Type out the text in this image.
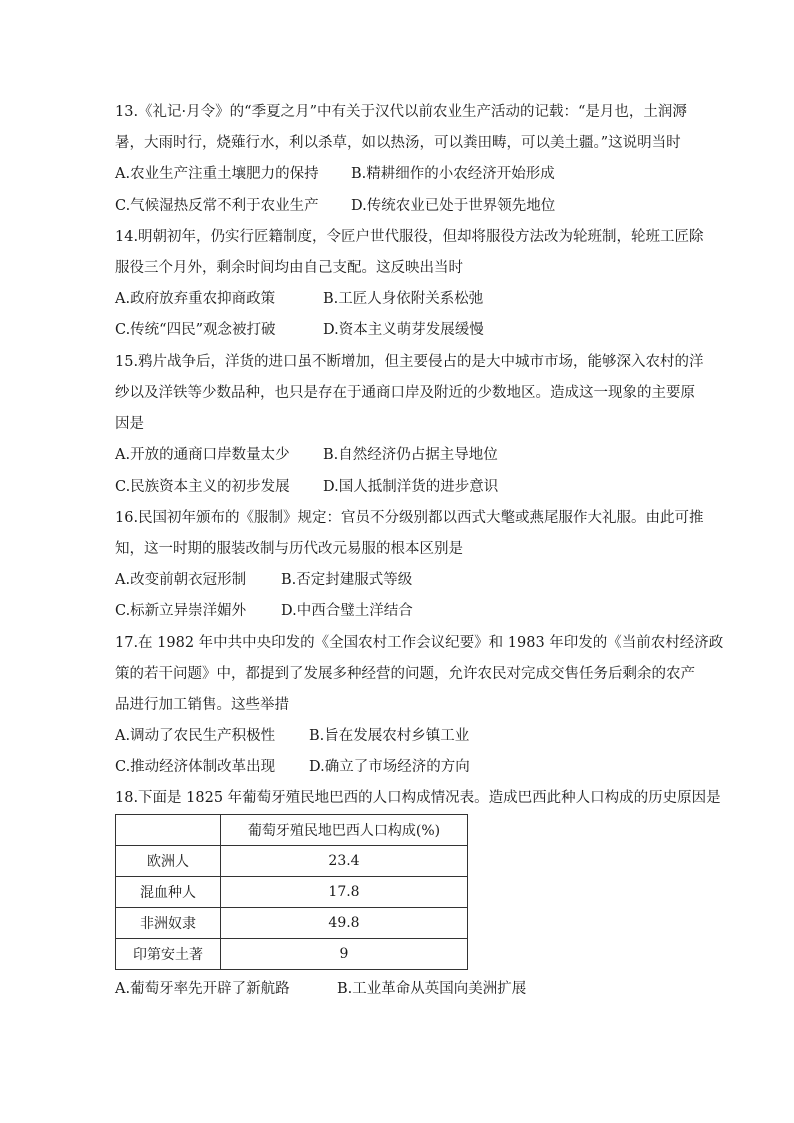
13.《礼记·月令》的“季夏之月”中有关于汉代以前农业生产活动的记载：“是月也，土润溽
暑，大雨时行，烧薙行水，利以杀草，如以热汤，可以粪田畴，可以美土疆。”这说明当时
A.农业生产注重土壤肥力的保持 B.精耕细作的小农经济开始形成
C.气候湿热反常不利于农业生产 D.传统农业已处于世界领先地位
14.明朝初年，仍实行匠籍制度，令匠户世代服役，但却将服役方法改为轮班制，轮班工匠除
服役三个月外，剩余时间均由自己支配。这反映出当时
A.政府放弃重农抑商政策	B.工匠人身依附关系松弛
C.传统“四民”观念被打破	D.资本主义萌芽发展缓慢
15.鸦片战争后，洋货的进口虽不断增加，但主要侵占的是大中城市市场，能够深入农村的洋
纱以及洋铁等少数品种，也只是存在于通商口岸及附近的少数地区。造成这一现象的主要原
因是
A.开放的通商口岸数量太少 B.自然经济仍占据主导地位
C.民族资本主义的初步发展 D.国人抵制洋货的进步意识
16.民国初年颁布的《服制》规定：官员不分级别都以西式大氅或燕尾服作大礼服。由此可推
知，这一时期的服装改制与历代改元易服的根本区别是
A.改变前朝衣冠形制 B.否定封建服式等级
C.标新立异崇洋媚外 D.中西合璧土洋结合
17.在 1982 年中共中央印发的《全国农村工作会议纪要》和 1983 年印发的《当前农村经济政
策的若干问题》中，都提到了发展多种经营的问题，允许农民对完成交售任务后剩余的农产
品进行加工销售。这些举措
A.调动了农民生产积极性 B.旨在发展农村乡镇工业
C.推动经济体制改革出现 D.确立了市场经济的方向
18.下面是 1825 年葡萄牙殖民地巴西的人口构成情况表。造成巴西此种人口构成的历史原因是
	葡萄牙殖民地巴西人口构成(%)
欧洲人	23.4
混血种人	17.8
非洲奴隶	49.8
印第安土著	9
A.葡萄牙率先开辟了新航路	B.工业革命从英国向美洲扩展
